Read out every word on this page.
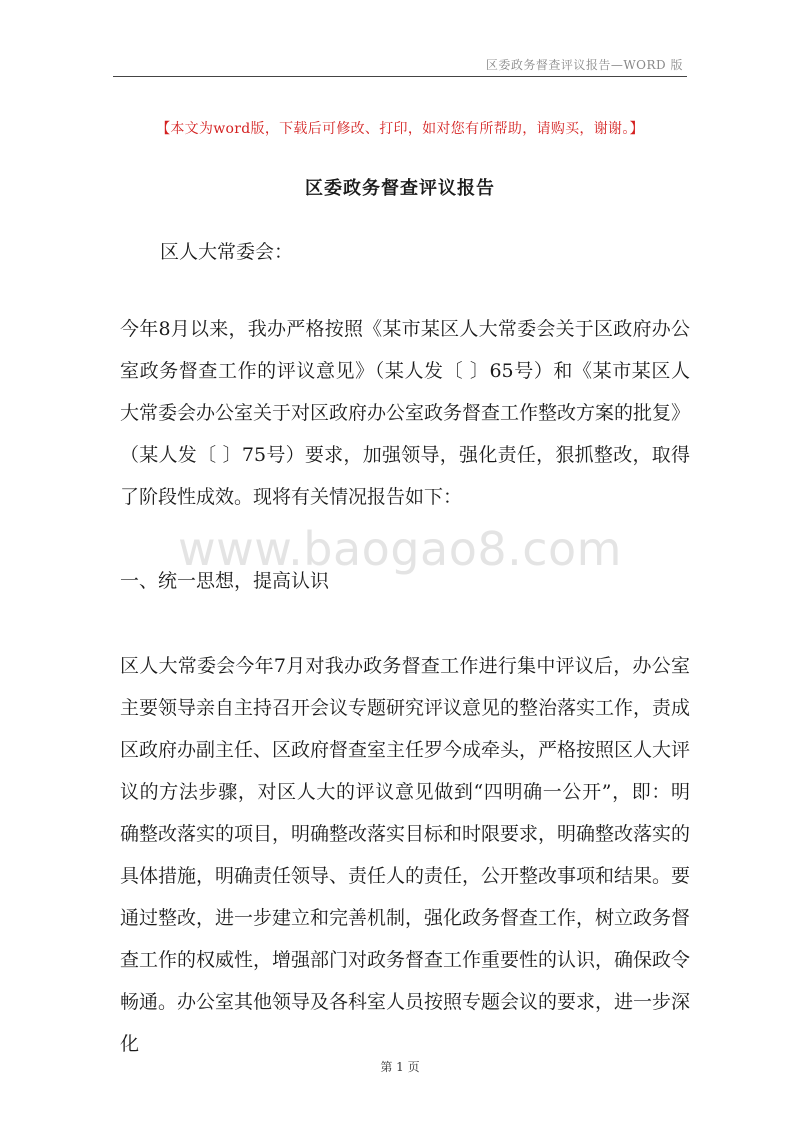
区委政务督查评议报告—WORD 版
【本文为word版，下载后可修改、打印，如对您有所帮助，请购买，谢谢。】
区委政务督查评议报告
区人大常委会：

今年8月以来，我办严格按照《某市某区人大常委会关于区政府办公室政务督查工作的评议意见》（某人发〔 〕65号）和《某市某区人大常委会办公室关于对区政府办公室政务督查工作整改方案的批复》（某人发〔 〕75号）要求，加强领导，强化责任，狠抓整改，取得了阶段性成效。现将有关情况报告如下：

www.baogao8.com
一、统一思想，提高认识

区人大常委会今年7月对我办政务督查工作进行集中评议后，办公室主要领导亲自主持召开会议专题研究评议意见的整治落实工作，责成区政府办副主任、区政府督查室主任罗今成牵头，严格按照区人大评议的方法步骤，对区人大的评议意见做到“四明确一公开”，即：明确整改落实的项目，明确整改落实目标和时限要求，明确整改落实的具体措施，明确责任领导、责任人的责任，公开整改事项和结果。要通过整改，进一步建立和完善机制，强化政务督查工作，树立政务督查工作的权威性，增强部门对政务督查工作重要性的认识，确保政令畅通。办公室其他领导及各科室人员按照专题会议的要求，进一步深化

第 1 页
